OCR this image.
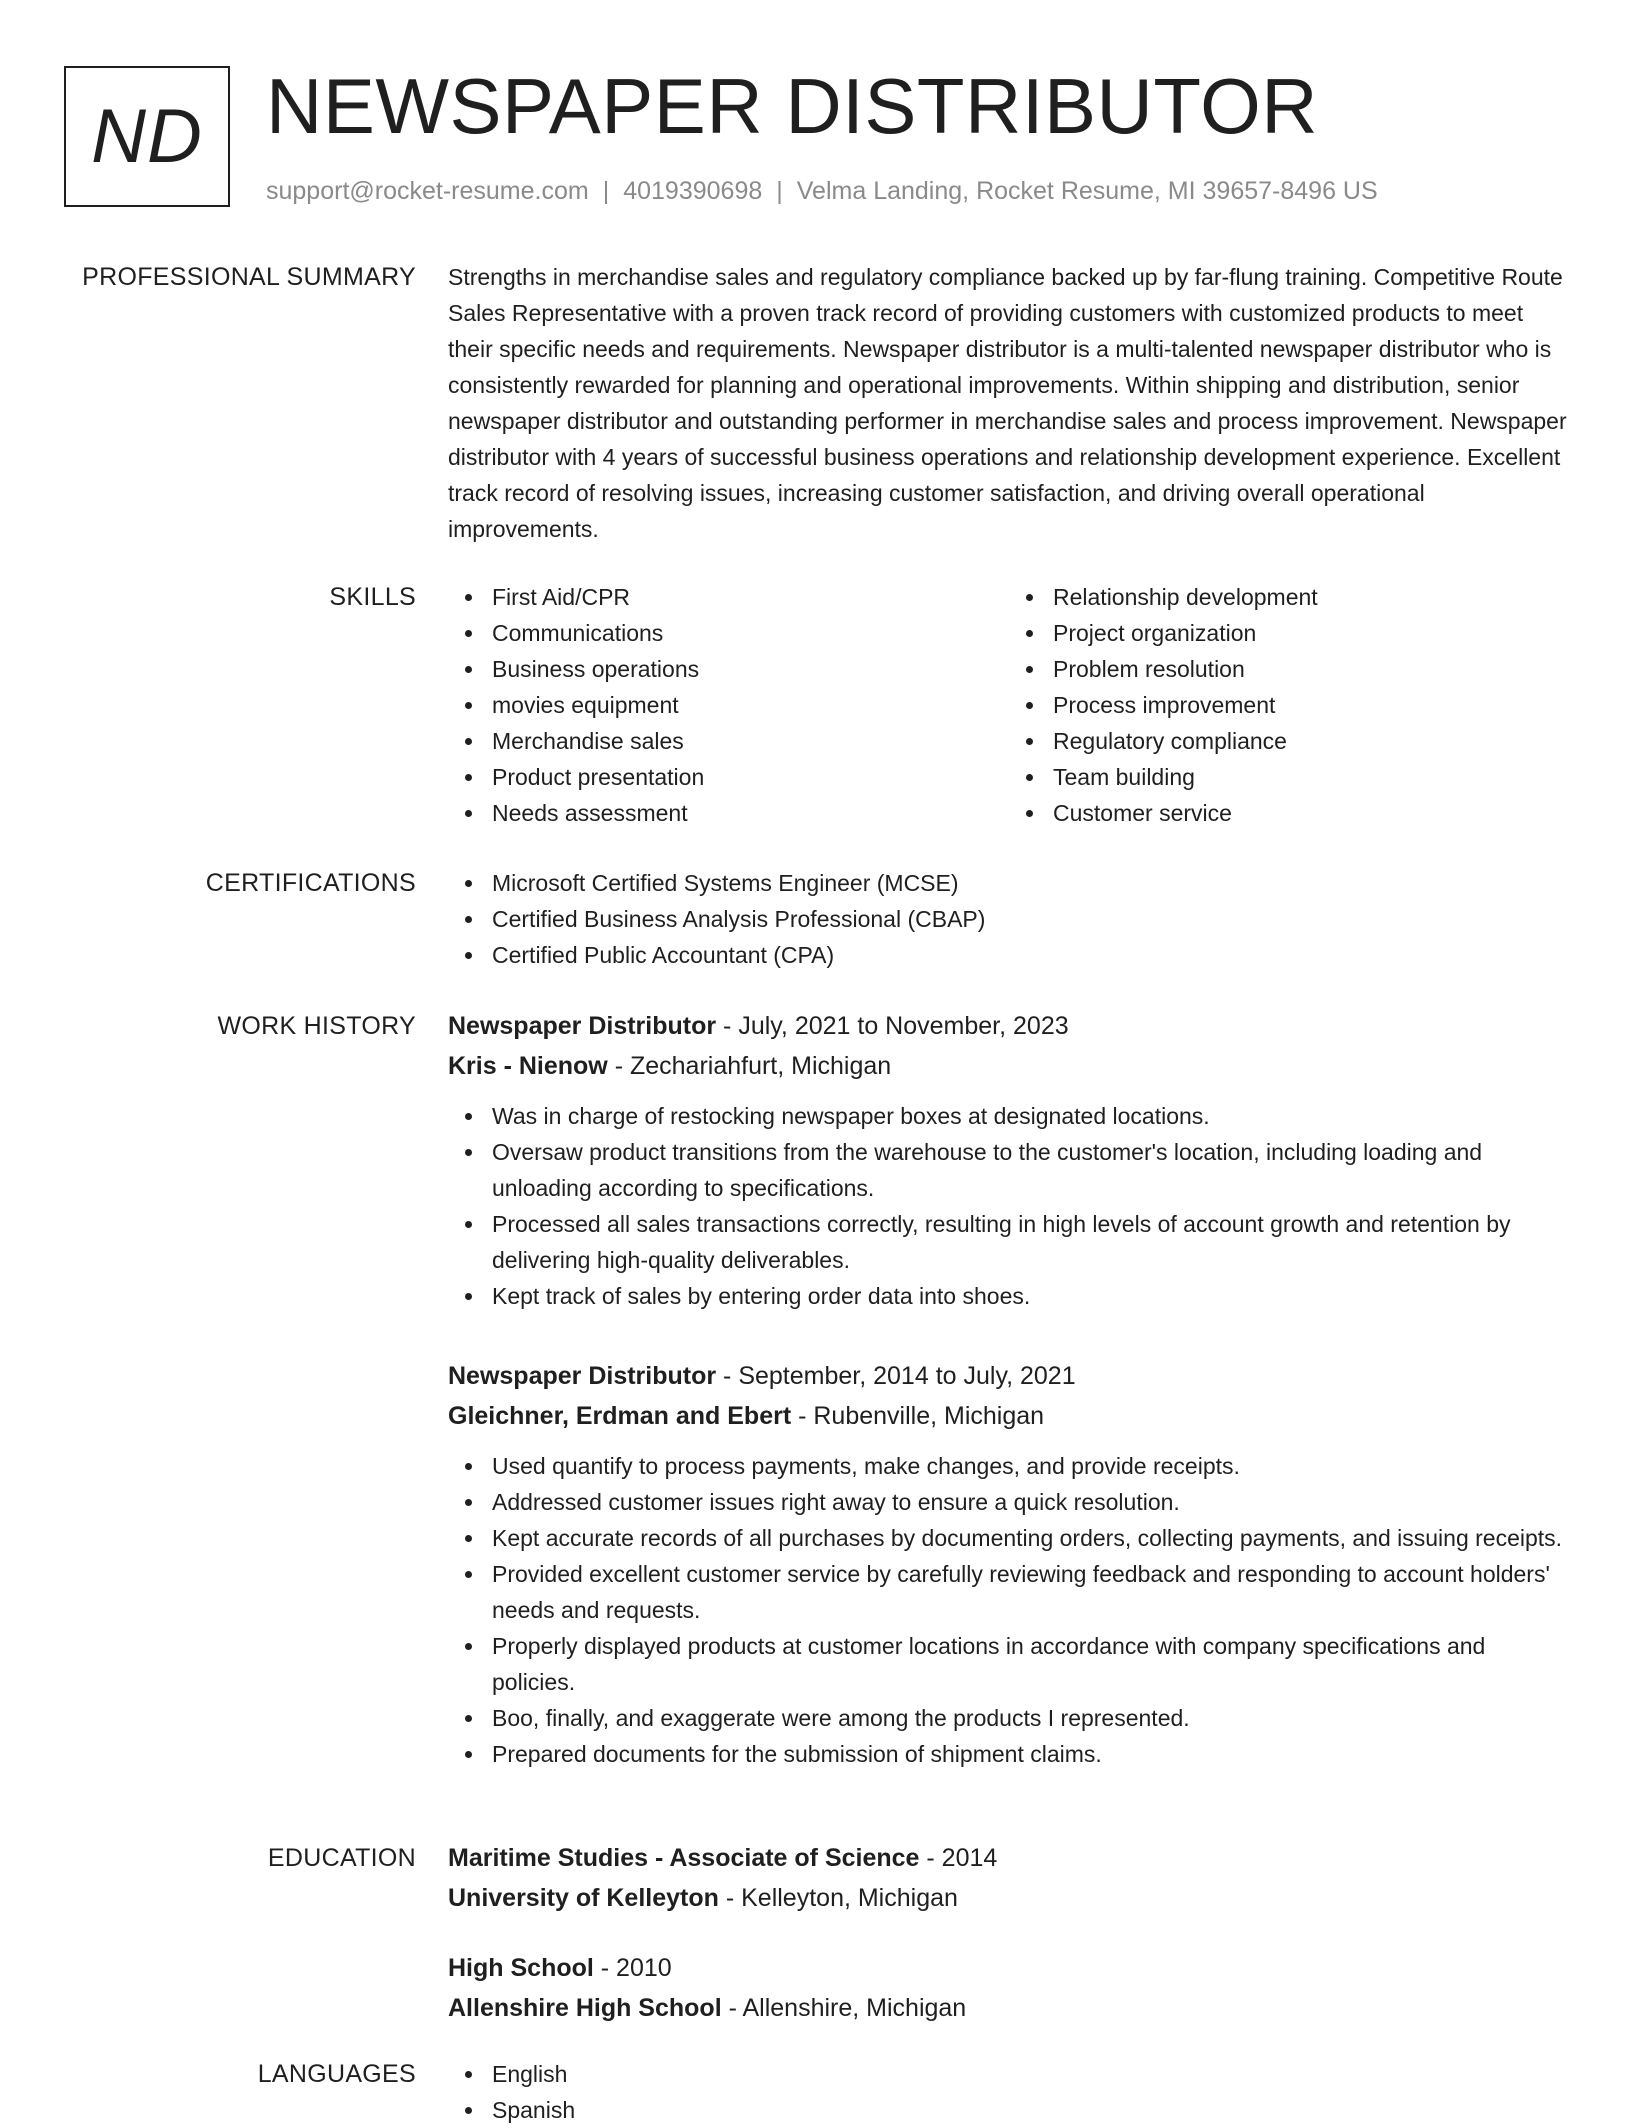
ND NEWSPAPER DISTRIBUTOR
support@rocket-resume.com | 4019390698 | Velma Landing, Rocket Resume, MI 39657-8496 US
PROFESSIONAL SUMMARY Strengths in merchandise sales and regulatory compliance backed up by far-flung training. Competitive Route Sales Representative with a proven track record of providing customers with customized products to meet their specific needs and requirements. Newspaper distributor is a multi-talented newspaper distributor who is consistently rewarded for planning and operational improvements. Within shipping and distribution, senior newspaper distributor and outstanding performer in merchandise sales and process improvement. Newspaper distributor with 4 years of successful business operations and relationship development experience. Excellent track record of resolving issues, increasing customer satisfaction, and driving overall operational improvements.
SKILLS	First Aid/CPR
Communications
Business operations
movies equipment
Merchandise sales
Product presentation
Needs assessment
Relationship development
Project organization
Problem resolution
Process improvement
Regulatory compliance
Team building
Customer service
CERTIFICATIONS	Microsoft Certified Systems Engineer (MCSE)
Certified Business Analysis Professional (CBAP)
Certified Public Accountant (CPA)
WORK HISTORY Newspaper Distributor - July, 2021 to November, 2023
Kris - Nienow - Zechariahfurt, Michigan
Was in charge of restocking newspaper boxes at designated locations.
Oversaw product transitions from the warehouse to the customer's location, including loading and unloading according to specifications.
Processed all sales transactions correctly, resulting in high levels of account growth and retention by delivering high-quality deliverables.
Kept track of sales by entering order data into shoes.
Newspaper Distributor - September, 2014 to July, 2021
Gleichner, Erdman and Ebert - Rubenville, Michigan
Used quantify to process payments, make changes, and provide receipts.
Addressed customer issues right away to ensure a quick resolution.
Kept accurate records of all purchases by documenting orders, collecting payments, and issuing receipts.
Provided excellent customer service by carefully reviewing feedback and responding to account holders' needs and requests.
Properly displayed products at customer locations in accordance with company specifications and policies.
Boo, finally, and exaggerate were among the products I represented.
Prepared documents for the submission of shipment claims.
EDUCATION Maritime Studies - Associate of Science - 2014
University of Kelleyton - Kelleyton, Michigan
High School - 2010
Allenshire High School - Allenshire, Michigan
LANGUAGES	English
Spanish
